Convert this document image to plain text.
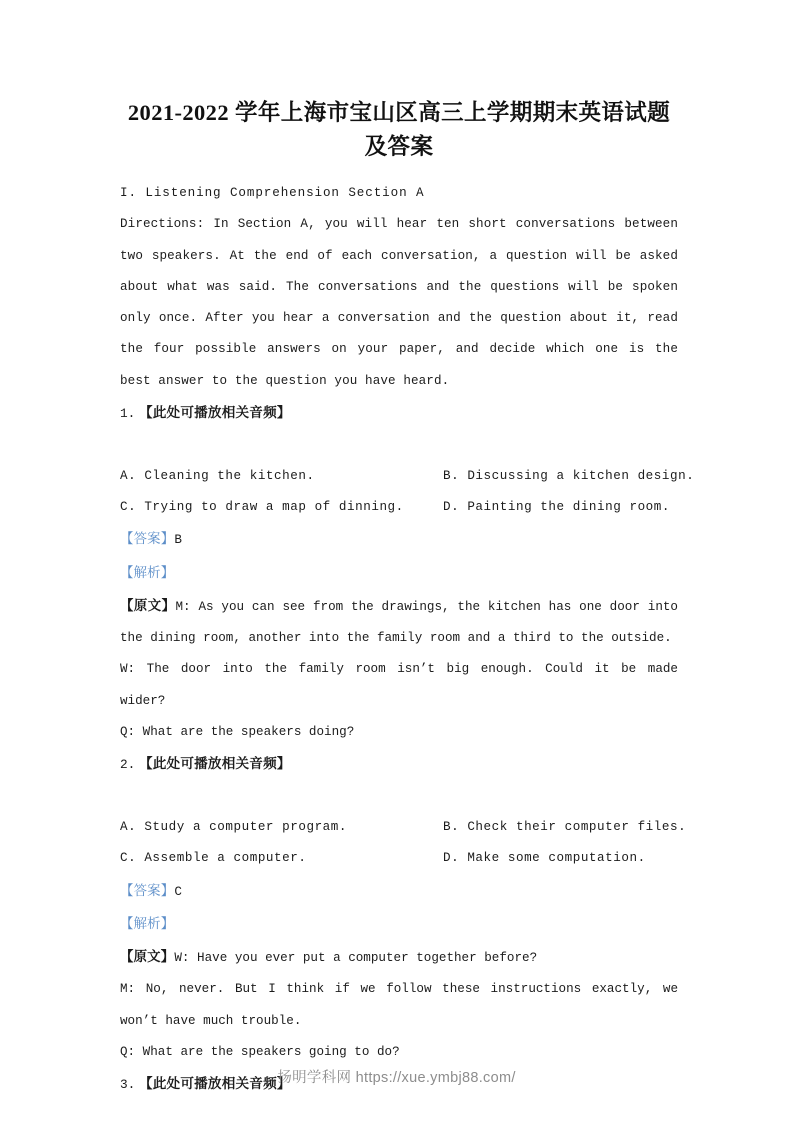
2021-2022 学年上海市宝山区高三上学期期末英语试题及答案

I. Listening Comprehension Section A

Directions: In Section A, you will hear ten short conversations between two speakers. At the end of each conversation, a question will be asked about what was said. The conversations and the questions will be spoken only once. After you hear a conversation and the question about it, read the four possible answers on your paper, and decide which one is the best answer to the question you have heard.

1. 【此处可播放相关音频】

A. Cleaning the kitchen.	B. Discussing a kitchen design.
C. Trying to draw a map of dinning.	D. Painting the dining room.

【答案】B

【解析】

【原文】M: As you can see from the drawings, the kitchen has one door into the dining room, another into the family room and a third to the outside.

W: The door into the family room isn’t big enough. Could it be made wider?

Q: What are the speakers doing?

2. 【此处可播放相关音频】

A. Study a computer program.	B. Check their computer files.
C. Assemble a computer.	D. Make some computation.

【答案】C

【解析】

【原文】W: Have you ever put a computer together before?

M: No, never. But I think if we follow these instructions exactly, we won’t have much trouble.

Q: What are the speakers going to do?

3. 【此处可播放相关音频】

扬明学科网 https://xue.ymbj88.com/
